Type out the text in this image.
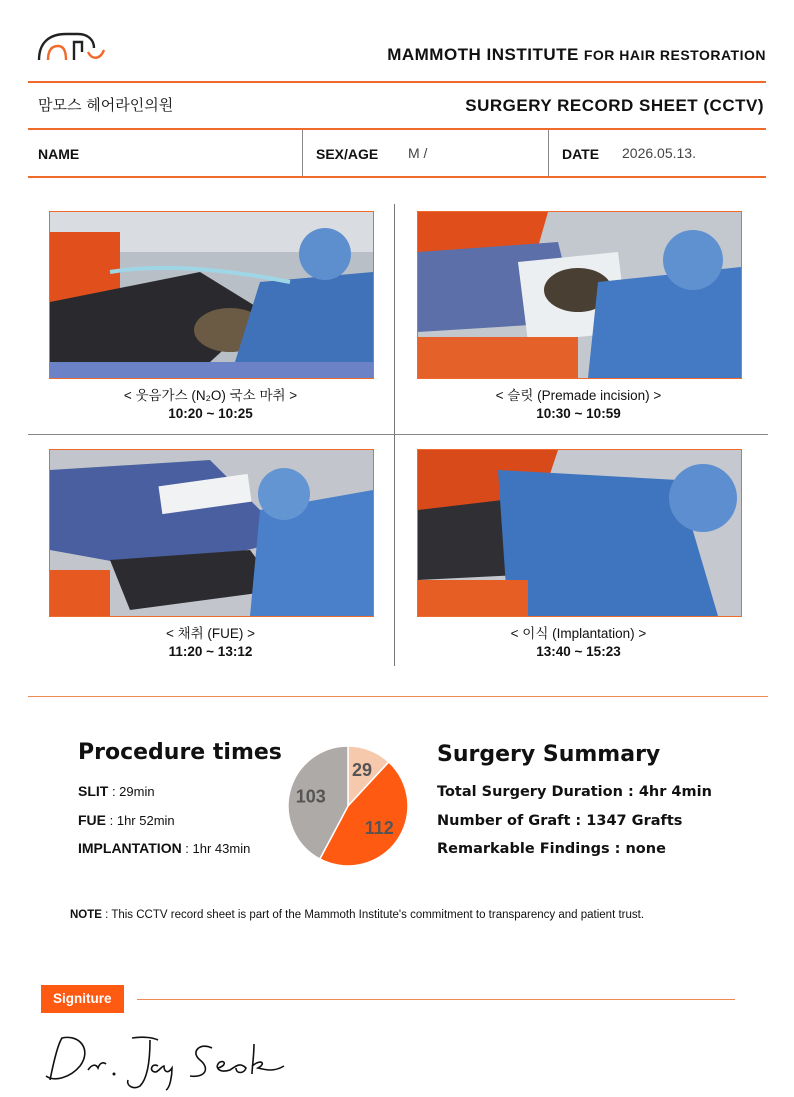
MAMMOTH INSTITUTE FOR HAIR RESTORATION
맘모스 헤어라인의원	SURGERY RECORD SHEET (CCTV)
NAME	SEX/AGE M /	DATE 2026.05.13.
< 웃음가스 (N₂O) 국소 마취 >
10:20 ~ 10:25
< 슬릿 (Premade incision) >
10:30 ~ 10:59
< 채취 (FUE) >
11:20 ~ 13:12
< 이식 (Implantation) >
13:40 ~ 15:23
Procedure times
SLIT : 29min
FUE : 1hr 52min
IMPLANTATION : 1hr 43min
29
112
103
Surgery Summary
Total Surgery Duration : 4hr 4min
Number of Graft : 1347 Grafts
Remarkable Findings : none
NOTE : This CCTV record sheet is part of the Mammoth Institute's commitment to transparency and patient trust.
Signiture
